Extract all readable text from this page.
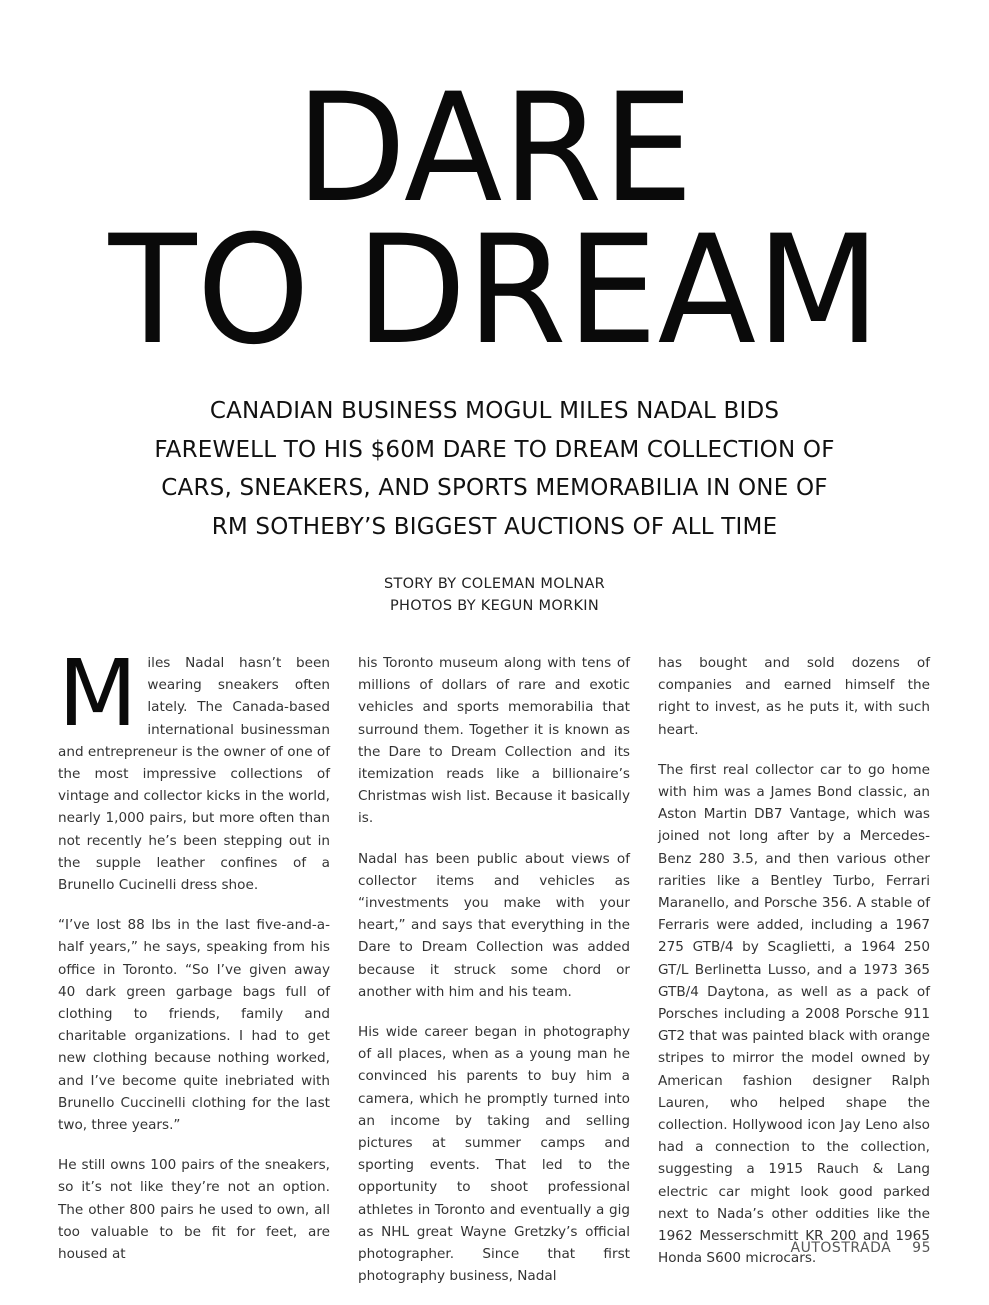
DARE
TO DREAM
CANADIAN BUSINESS MOGUL MILES NADAL BIDS
FAREWELL TO HIS $60M DARE TO DREAM COLLECTION OF
CARS, SNEAKERS, AND SPORTS MEMORABILIA IN ONE OF
RM SOTHEBY’S BIGGEST AUCTIONS OF ALL TIME
STORY BY COLEMAN MOLNAR
PHOTOS BY KEGUN MORKIN

Miles Nadal hasn’t been wearing sneakers often lately. The Canada-based international businessman and entrepreneur is the owner of one of the most impressive collections of vintage and collector kicks in the world, nearly 1,000 pairs, but more often than not recently he’s been stepping out in the supple leather confines of a Brunello Cucinelli dress shoe.

“I’ve lost 88 lbs in the last five-and-a-half years,” he says, speaking from his office in Toronto. “So I’ve given away 40 dark green garbage bags full of clothing to friends, family and charitable organizations. I had to get new clothing because nothing worked, and I’ve become quite inebriated with Brunello Cuccinelli clothing for the last two, three years.”

He still owns 100 pairs of the sneakers, so it’s not like they’re not an option. The other 800 pairs he used to own, all too valuable to be fit for feet, are housed at

his Toronto museum along with tens of millions of dollars of rare and exotic vehicles and sports memorabilia that surround them. Together it is known as the Dare to Dream Collection and its itemization reads like a billionaire’s Christmas wish list. Because it basically is.

Nadal has been public about views of collector items and vehicles as “investments you make with your heart,” and says that everything in the Dare to Dream Collection was added because it struck some chord or another with him and his team.

His wide career began in photography of all places, when as a young man he convinced his parents to buy him a camera, which he promptly turned into an income by taking and selling pictures at summer camps and sporting events. That led to the opportunity to shoot professional athletes in Toronto and eventually a gig as NHL great Wayne Gretzky’s official photographer. Since that first photography business, Nadal

has bought and sold dozens of companies and earned himself the right to invest, as he puts it, with such heart.

The first real collector car to go home with him was a James Bond classic, an Aston Martin DB7 Vantage, which was joined not long after by a Mercedes-Benz 280 3.5, and then various other rarities like a Bentley Turbo, Ferrari Maranello, and Porsche 356. A stable of Ferraris were added, including a 1967 275 GTB/4 by Scaglietti, a 1964 250 GT/L Berlinetta Lusso, and a 1973 365 GTB/4 Daytona, as well as a pack of Porsches including a 2008 Porsche 911 GT2 that was painted black with orange stripes to mirror the model owned by American fashion designer Ralph Lauren, who helped shape the collection. Hollywood icon Jay Leno also had a connection to the collection, suggesting a 1915 Rauch & Lang electric car might look good parked next to Nada’s other oddities like the 1962 Messerschmitt KR 200 and 1965 Honda S600 microcars.

AUTOSTRADA 95
